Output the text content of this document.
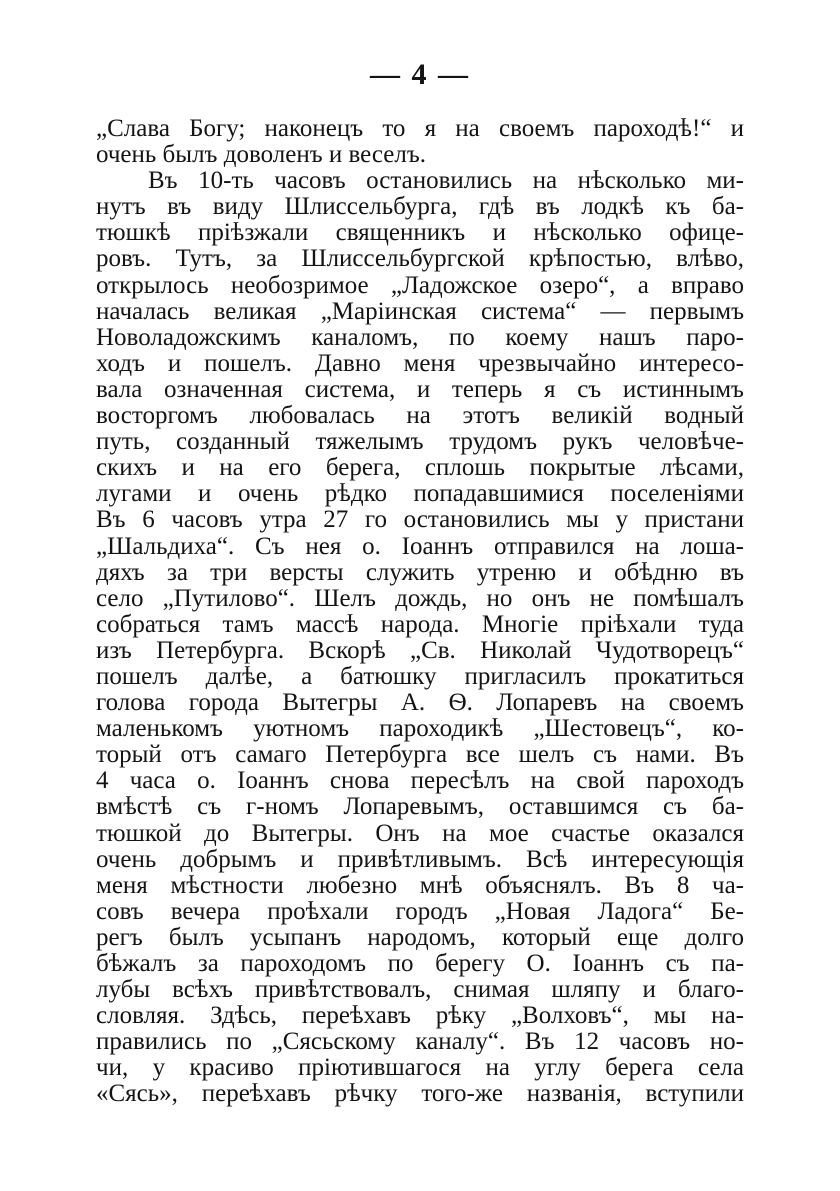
— 4 —
„Слава Богу; наконецъ то я на своемъ пароходѣ!“ и
очень былъ доволенъ и веселъ.
Въ 10-ть часовъ остановились на нѣсколько ми-
нутъ въ виду Шлиссельбурга, гдѣ въ лодкѣ къ ба-
тюшкѣ пріѣзжали священникъ и нѣсколько офице-
ровъ. Тутъ, за Шлиссельбургской крѣпостью, влѣво,
открылось необозримое „Ладожское озеро“, а вправо
началась великая „Маріинская система“ — первымъ
Новоладожскимъ каналомъ, по коему нашъ паро-
ходъ и пошелъ. Давно меня чрезвычайно интересо-
вала означенная система, и теперь я съ истиннымъ
восторгомъ любовалась на этотъ великій водный
путь, созданный тяжелымъ трудомъ рукъ человѣче-
скихъ и на его берега, сплошь покрытые лѣсами,
лугами и очень рѣдко попадавшимися поселеніями
Въ 6 часовъ утра 27 го остановились мы у пристани
„Шальдиха“. Съ нея о. Іоаннъ отправился на лоша-
дяхъ за три версты служить утреню и обѣдню въ
село „Путилово“. Шелъ дождь, но онъ не помѣшалъ
собраться тамъ массѣ народа. Многіе пріѣхали туда
изъ Петербурга. Вскорѣ „Св. Николай Чудотворецъ“
пошелъ далѣе, а батюшку пригласилъ прокатиться
голова города Вытегры А. Ѳ. Лопаревъ на своемъ
маленькомъ уютномъ пароходикѣ „Шестовецъ“, ко-
торый отъ самаго Петербурга все шелъ съ нами. Въ
4 часа о. Іоаннъ снова пересѣлъ на свой пароходъ
вмѣстѣ съ г-номъ Лопаревымъ, оставшимся съ ба-
тюшкой до Вытегры. Онъ на мое счастье оказался
очень добрымъ и привѣтливымъ. Всѣ интересующія
меня мѣстности любезно мнѣ объяснялъ. Въ 8 ча-
совъ вечера проѣхали городъ „Новая Ладога“ Бе-
регъ былъ усыпанъ народомъ, который еще долго
бѣжалъ за пароходомъ по берегу О. Іоаннъ съ па-
лубы всѣхъ привѣтствовалъ, снимая шляпу и благо-
словляя. Здѣсь, переѣхавъ рѣку „Волховъ“, мы на-
правились по „Сясьскому каналу“. Въ 12 часовъ но-
чи, у красиво пріютившагося на углу берега села
«Сясь», переѣхавъ рѣчку того-же названія, вступили
